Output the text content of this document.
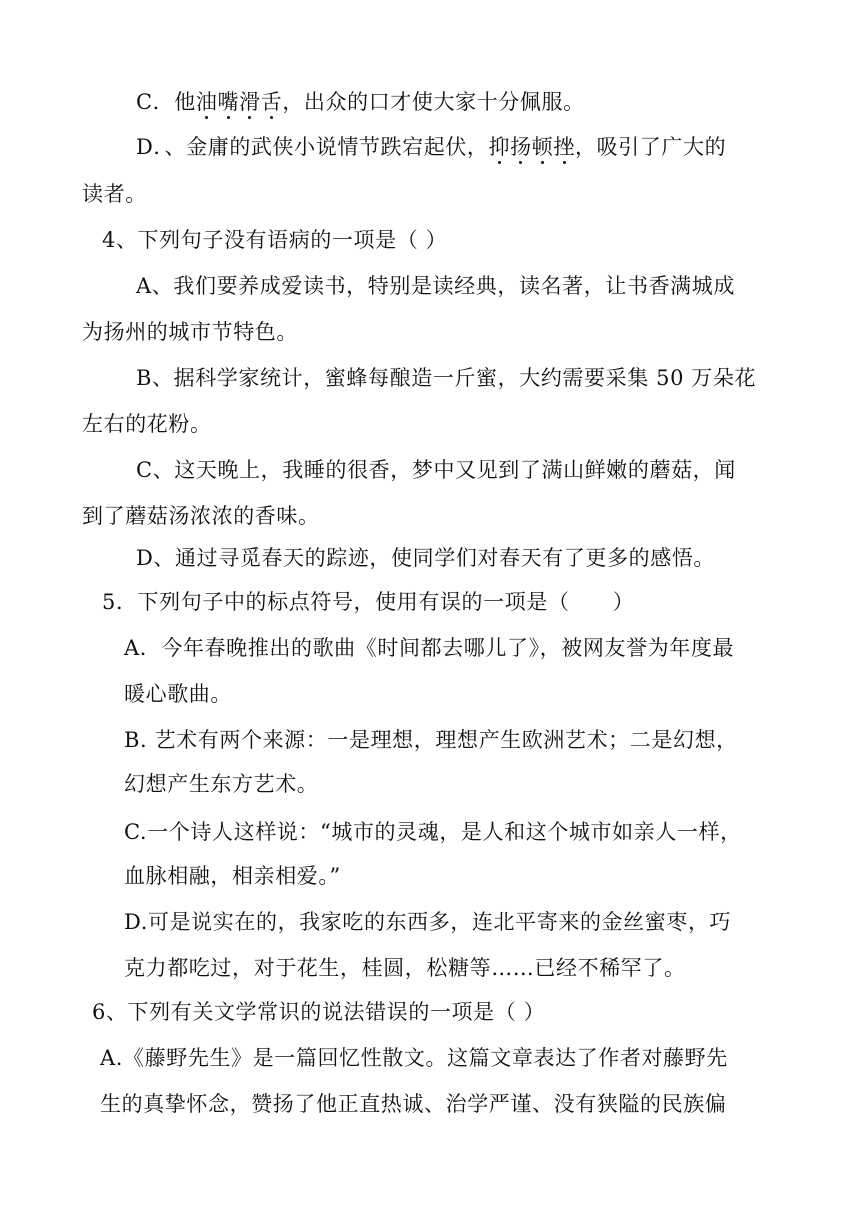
C．他油嘴滑舌，出众的口才使大家十分佩服。
D．、金庸的武侠小说情节跌宕起伏，抑扬顿挫，吸引了广大的
读者。
4、下列句子没有语病的一项是（ ）
A、我们要养成爱读书，特别是读经典，读名著，让书香满城成
为扬州的城市节特色。
B、据科学家统计，蜜蜂每酿造一斤蜜，大约需要采集 50 万朵花
左右的花粉。
C、这天晚上，我睡的很香，梦中又见到了满山鲜嫩的蘑菇，闻
到了蘑菇汤浓浓的香味。
D、通过寻觅春天的踪迹，使同学们对春天有了更多的感悟。
5．下列句子中的标点符号，使用有误的一项是（　　）
A．今年春晚推出的歌曲《时间都去哪儿了》，被网友誉为年度最
暖心歌曲。
B. 艺术有两个来源：一是理想，理想产生欧洲艺术；二是幻想，
幻想产生东方艺术。
C.一个诗人这样说：“城市的灵魂，是人和这个城市如亲人一样，
血脉相融，相亲相爱。”
D.可是说实在的，我家吃的东西多，连北平寄来的金丝蜜枣，巧
克力都吃过，对于花生，桂圆，松糖等……已经不稀罕了。
6、下列有关文学常识的说法错误的一项是（ ）
A.《藤野先生》是一篇回忆性散文。这篇文章表达了作者对藤野先
生的真挚怀念，赞扬了他正直热诚、治学严谨、没有狭隘的民族偏
